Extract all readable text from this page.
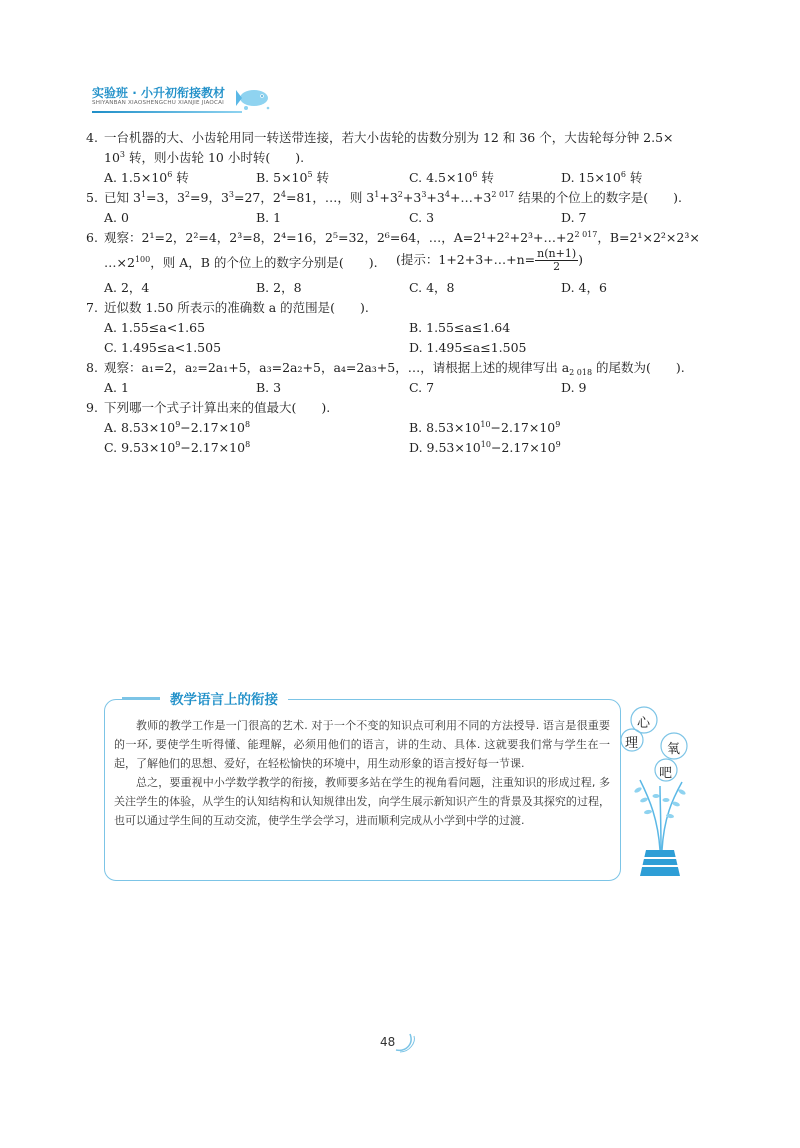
实验班 · 小升初衔接教材
SHIYANBAN XIAOSHENGCHU XIANJIE JIAOCAI
4. 一台机器的大、小齿轮用同一转送带连接，若大小齿轮的齿数分别为 12 和 36 个，大齿轮每分钟 2.5×
$10^3$ 转，则小齿轮 10 小时转(　　).
A. $1.5\times 10^6$ 转	B. $5\times 10^5$ 转	C. $4.5\times 10^6$ 转	D. $15\times 10^6$ 转
5. 已知 $3^1=3$，$3^2=9$，$3^3=27$，$2^4=81$，…，则 $3^1+3^2+3^3+3^4+\dots+3^{2 017}$ 结果的个位上的数字是(　　).
A. 0	B. 1	C. 3	D. 7
6. 观察：2¹=2，2²=4，2³=8，2⁴=16，2⁵=32，2⁶=64，…，$A=2^1+2^2+2^3+\dots+2^{2 017}$，B=2¹×2²×2³×
$\dots\times 2^{100}$，则 A，B 的个位上的数字分别是(　　). (提示：1+2+3+…+n= $\frac{n(n+1)}{2}$ )
A. 2，4	B. 2，8	C. 4，8	D. 4，6
7. 近似数 1.50 所表示的准确数 a 的范围是(　　).
A. 1.55≤a<1.65	B. 1.55≤a≤1.64
C. 1.495≤a<1.505	D. 1.495≤a≤1.505
8. 观察：a₁=2，a₂=2a₁+5，a₃=2a₂+5，a₄=2a₃+5，…，请根据上述的规律写出 $a_{2 018}$ 的尾数为(　　).
A. 1	B. 3	C. 7	D. 9
9. 下列哪一个式子计算出来的值最大(　　).
A. $8.53\times 10^9-2.17\times 10^8$	B. $8.53\times 10^{10}-2.17\times 10^9$
C. $9.53\times 10^9-2.17\times 10^8$	D. $9.53\times 10^{10}-2.17\times 10^9$
教学语言上的衔接

教师的教学工作是一门很高的艺术. 对于一个不变的知识点可利用不同的方法授导. 语言是很重要的一环, 要使学生听得懂、能理解，必须用他们的语言，讲的生动、具体. 这就要我们常与学生在一起，了解他们的思想、爱好，在轻松愉快的环境中，用生动形象的语言授好每一节课.

总之，要重视中小学数学教学的衔接，教师要多站在学生的视角看问题，注重知识的形成过程, 多关注学生的体验，从学生的认知结构和认知规律出发，向学生展示新知识产生的背景及其探究的过程，也可以通过学生间的互动交流，使学生学会学习，进而顺利完成从小学到中学的过渡.

心
理 氧
吧
48
